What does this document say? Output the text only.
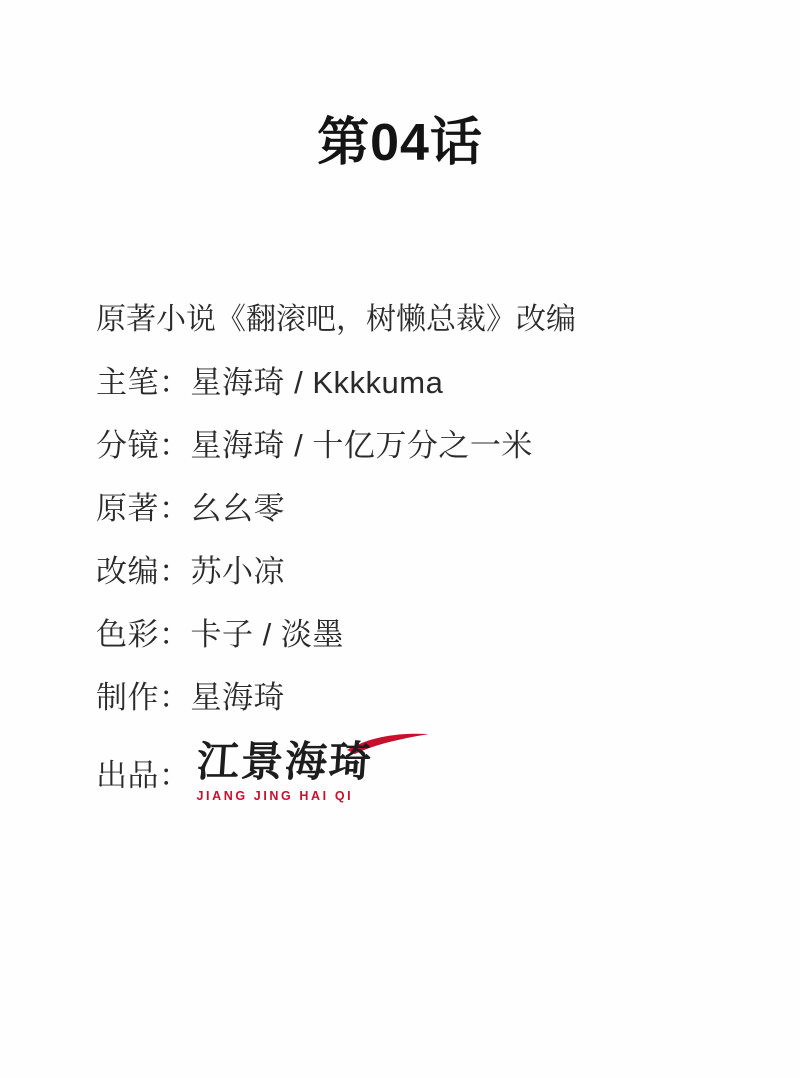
第04话
原著小说《翻滚吧，树懒总裁》改编
主笔：星海琦 / Kkkkuma
分镜：星海琦 / 十亿万分之一米
原著：幺幺零
改编：苏小凉
色彩：卡子 / 淡墨
制作：星海琦
出品： 江景海琦
JIANG JING HAI QI
